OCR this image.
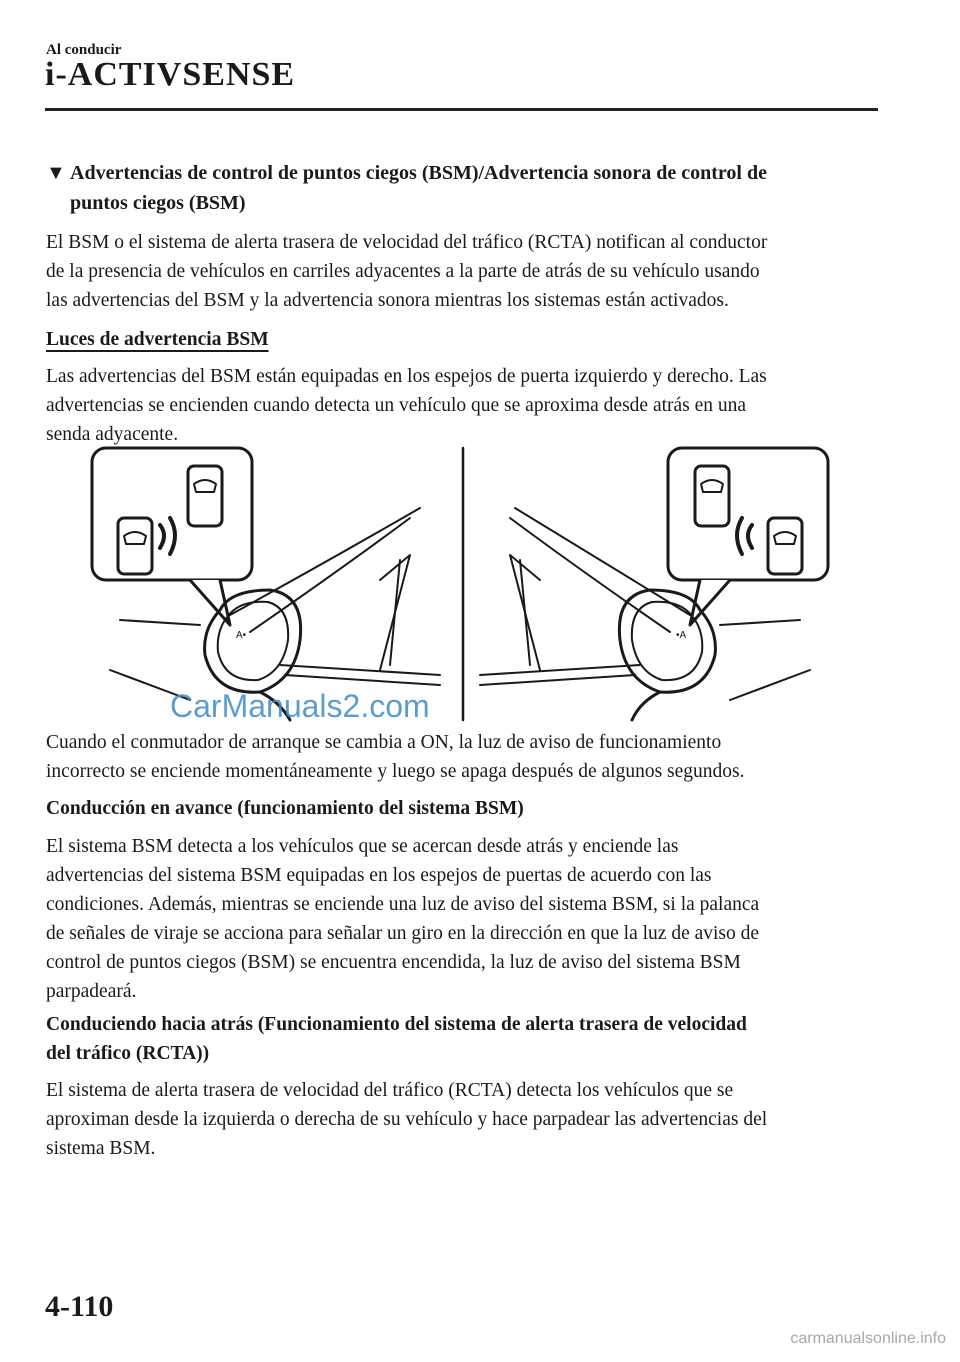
Al conducir
i-ACTIVSENSE
▼ Advertencias de control de puntos ciegos (BSM)/Advertencia sonora de control de
puntos ciegos (BSM)
El BSM o el sistema de alerta trasera de velocidad del tráfico (RCTA) notifican al conductor
de la presencia de vehículos en carriles adyacentes a la parte de atrás de su vehículo usando
las advertencias del BSM y la advertencia sonora mientras los sistemas están activados.
Luces de advertencia BSM
Las advertencias del BSM están equipadas en los espejos de puerta izquierdo y derecho. Las
advertencias se encienden cuando detecta un vehículo que se aproxima desde atrás en una
senda adyacente.
A•	•A
CarManuals2.com
Cuando el conmutador de arranque se cambia a ON, la luz de aviso de funcionamiento
incorrecto se enciende momentáneamente y luego se apaga después de algunos segundos.
Conducción en avance (funcionamiento del sistema BSM)
El sistema BSM detecta a los vehículos que se acercan desde atrás y enciende las
advertencias del sistema BSM equipadas en los espejos de puertas de acuerdo con las
condiciones. Además, mientras se enciende una luz de aviso del sistema BSM, si la palanca
de señales de viraje se acciona para señalar un giro en la dirección en que la luz de aviso de
control de puntos ciegos (BSM) se encuentra encendida, la luz de aviso del sistema BSM
parpadeará.
Conduciendo hacia atrás (Funcionamiento del sistema de alerta trasera de velocidad
del tráfico (RCTA))
El sistema de alerta trasera de velocidad del tráfico (RCTA) detecta los vehículos que se
aproximan desde la izquierda o derecha de su vehículo y hace parpadear las advertencias del
sistema BSM.
4-110
carmanualsonline.info
